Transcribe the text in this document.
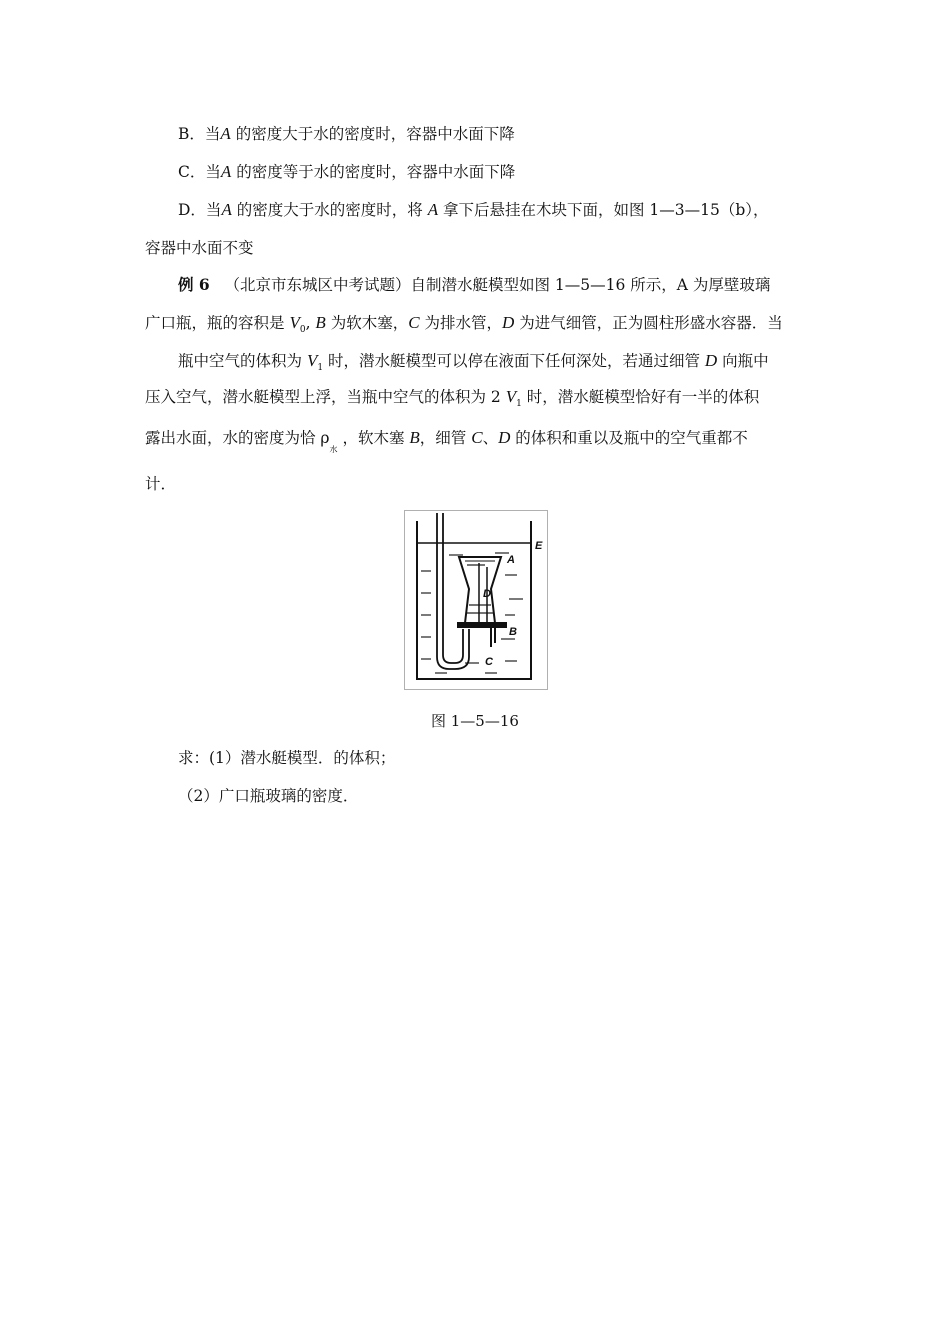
B．当A 的密度大于水的密度时，容器中水面下降
C．当A 的密度等于水的密度时，容器中水面下降
D．当A 的密度大于水的密度时，将 A 拿下后悬挂在木块下面，如图 1—3—15（b），
容器中水面不变
例 6 （北京市东城区中考试题）自制潜水艇模型如图 1—5—16 所示，A 为厚壁玻璃
广口瓶，瓶的容积是 $V_0$, B 为软木塞，C 为排水管，D 为进气细管，正为圆柱形盛水容器．当
瓶中空气的体积为 $V_1$ 时，潜水艇模型可以停在液面下任何深处，若通过细管 D 向瓶中
压入空气，潜水艇模型上浮，当瓶中空气的体积为 2 $V_1$ 时，潜水艇模型恰好有一半的体积
露出水面，水的密度为恰 $\rho_水$ ，软木塞 B，细管 C、D 的体积和重以及瓶中的空气重都不
计．
E
A
D
B
C
图 1—5—16
求：(1）潜水艇模型．的体积；
（2）广口瓶玻璃的密度．
